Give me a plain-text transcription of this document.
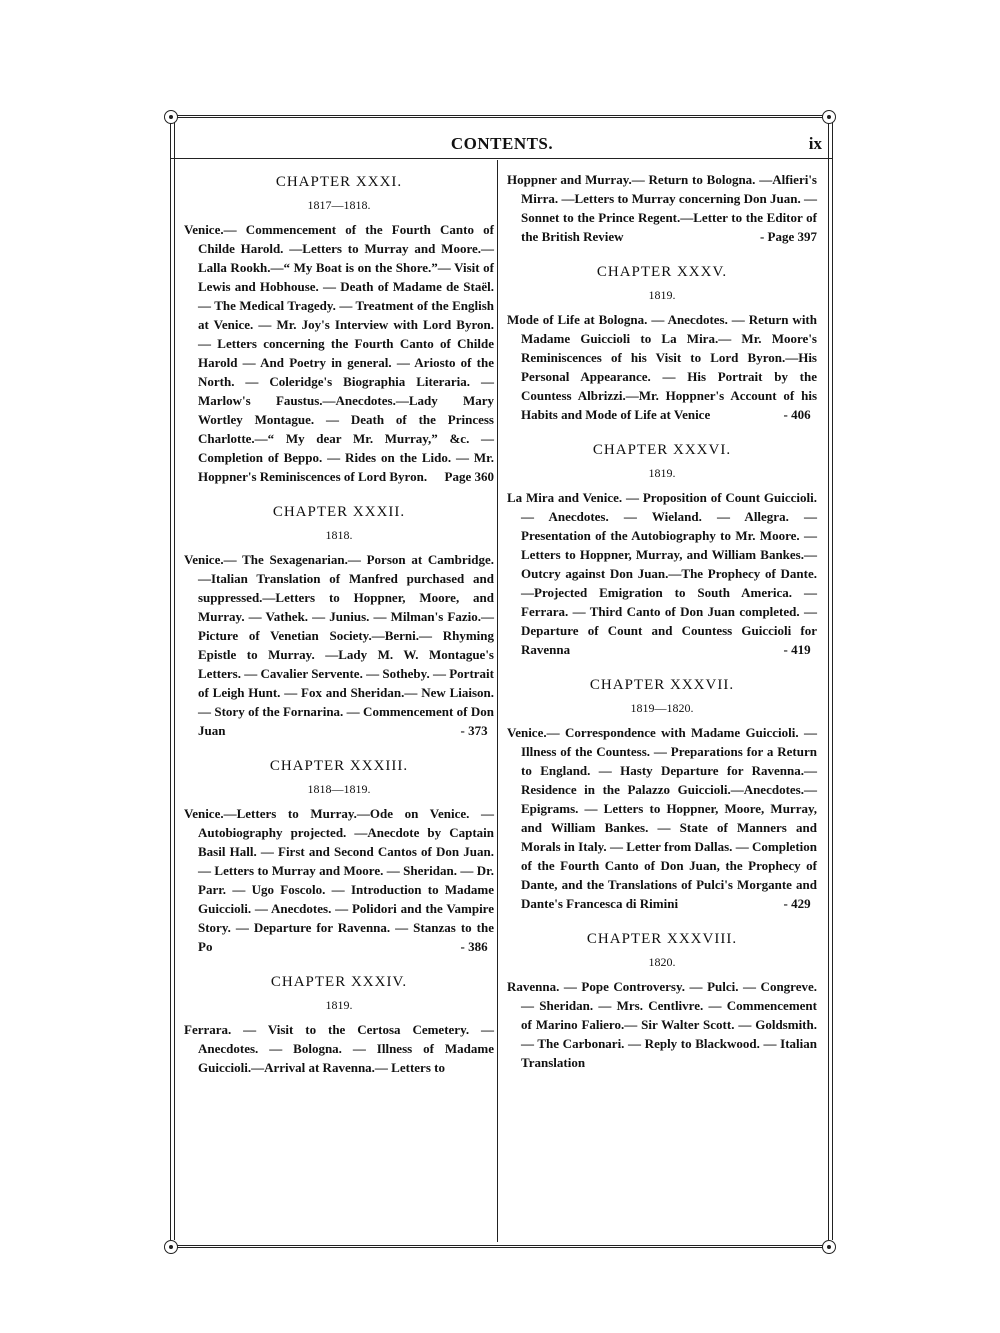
CONTENTS.	ix
CHAPTER XXXI.
1817—1818.

Venice.— Commencement of the Fourth Canto of Childe Harold. —Letters to Murray and Moore.—Lalla Rookh.—“ My Boat is on the Shore.”— Visit of Lewis and Hobhouse. — Death of Madame de Staël. — The Medical Tragedy. — Treatment of the English at Venice. — Mr. Joy's Interview with Lord Byron. — Letters concerning the Fourth Canto of Childe Harold — And Poetry in general. — Ariosto of the North. — Coleridge's Biographia Literaria. — Marlow's Faustus.—Anecdotes.—Lady Mary Wortley Montague. — Death of the Princess Charlotte.—“ My dear Mr. Murray,” &c. — Completion of Beppo. — Rides on the Lido. — Mr. Hoppner's Reminiscences of Lord Byron. Page 360

CHAPTER XXXII.
1818.

Venice.— The Sexagenarian.— Porson at Cambridge.—Italian Translation of Manfred purchased and suppressed.—Letters to Hoppner, Moore, and Murray. — Vathek. — Junius. — Milman's Fazio.— Picture of Venetian Society.—Berni.— Rhyming Epistle to Murray. —Lady M. W. Montague's Letters. — Cavalier Servente. — Sotheby. — Portrait of Leigh Hunt. — Fox and Sheridan.— New Liaison. — Story of the Fornarina. — Commencement of Don Juan	- 373

CHAPTER XXXIII.
1818—1819.

Venice.—Letters to Murray.—Ode on Venice. —Autobiography projected. —Anecdote by Captain Basil Hall. — First and Second Cantos of Don Juan. — Letters to Murray and Moore. — Sheridan. — Dr. Parr. — Ugo Foscolo. — Introduction to Madame Guiccioli. — Anecdotes. — Polidori and the Vampire Story. — Departure for Ravenna. — Stanzas to the Po	- 386

CHAPTER XXXIV.
1819.

Ferrara. — Visit to the Certosa Cemetery. — Anecdotes. — Bologna. — Illness of Madame Guiccioli.—Arrival at Ravenna.— Letters to

Hoppner and Murray.— Return to Bologna. —Alfieri's Mirra. —Letters to Murray concerning Don Juan. — Sonnet to the Prince Regent.—Letter to the Editor of the British Review	- Page 397

CHAPTER XXXV.
1819.

Mode of Life at Bologna. — Anecdotes. — Return with Madame Guiccioli to La Mira.— Mr. Moore's Reminiscences of his Visit to Lord Byron.—His Personal Appearance. — His Portrait by the Countess Albrizzi.—Mr. Hoppner's Account of his Habits and Mode of Life at Venice	- 406

CHAPTER XXXVI.
1819.

La Mira and Venice. — Proposition of Count Guiccioli. — Anecdotes. — Wieland. — Allegra. — Presentation of the Autobiography to Mr. Moore. — Letters to Hoppner, Murray, and William Bankes.— Outcry against Don Juan.—The Prophecy of Dante.—Projected Emigration to South America. — Ferrara. — Third Canto of Don Juan completed. — Departure of Count and Countess Guiccioli for Ravenna	- 419

CHAPTER XXXVII.
1819—1820.

Venice.— Correspondence with Madame Guiccioli. — Illness of the Countess. — Preparations for a Return to England. — Hasty Departure for Ravenna.— Residence in the Palazzo Guiccioli.—Anecdotes.— Epigrams. — Letters to Hoppner, Moore, Murray, and William Bankes. — State of Manners and Morals in Italy. — Letter from Dallas. — Completion of the Fourth Canto of Don Juan, the Prophecy of Dante, and the Translations of Pulci's Morgante and Dante's Francesca di Rimini	- 429

CHAPTER XXXVIII.
1820.

Ravenna. — Pope Controversy. — Pulci. — Congreve. — Sheridan. — Mrs. Centlivre. — Commencement of Marino Faliero.— Sir Walter Scott. — Goldsmith. — The Carbonari. — Reply to Blackwood. — Italian Translation
